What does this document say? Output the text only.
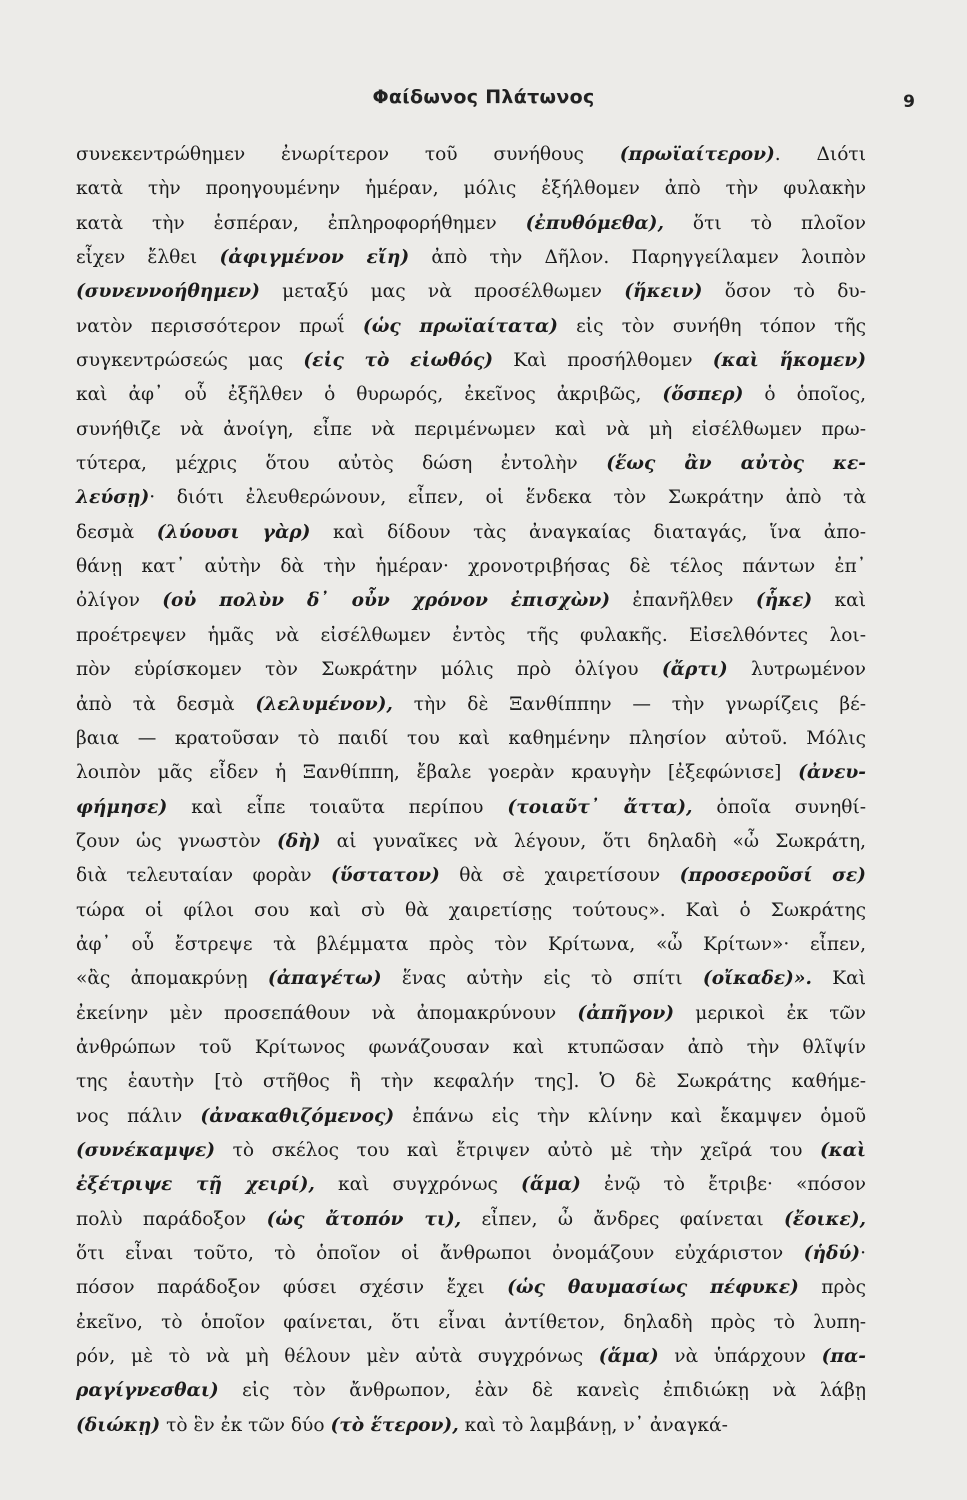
Φαίδωνος Πλάτωνος	9
συνεκεντρώθημεν ἐνωρίτερον τοῦ συνήθους (πρωϊαίτερον). Διότι
κατὰ τὴν προηγουμένην ἡμέραν, μόλις ἐξήλθομεν ἀπὸ τὴν φυλακὴν
κατὰ τὴν ἑσπέραν, ἐπληροφορήθημεν (ἐπυθόμεθα), ὅτι τὸ πλοῖον
εἶχεν ἔλθει (ἀφιγμένον εἴη) ἀπὸ τὴν Δῆλον. Παρηγγείλαμεν λοιπὸν
(συνεννοήθημεν) μεταξύ μας νὰ προσέλθωμεν (ἥκειν) ὅσον τὸ δυ-
νατὸν περισσότερον πρωΐ (ὡς πρωϊαίτατα) εἰς τὸν συνήθη τόπον τῆς
συγκεντρώσεώς μας (εἰς τὸ εἰωθός) Καὶ προσήλθομεν (καὶ ἥκομεν)
καὶ ἀφ᾽ οὗ ἐξῆλθεν ὁ θυρωρός, ἐκεῖνος ἀκριβῶς, (ὅσπερ) ὁ ὁποῖος,
συνήθιζε νὰ ἀνοίγη, εἶπε νὰ περιμένωμεν καὶ νὰ μὴ εἰσέλθωμεν πρω-
τύτερα, μέχρις ὅτου αὐτὸς δώση ἐντολὴν (ἕως ἂν αὐτὸς κε-
λεύσῃ)· διότι ἐλευθερώνουν, εἶπεν, οἱ ἕνδεκα τὸν Σωκράτην ἀπὸ τὰ
δεσμὰ (λύουσι γὰρ) καὶ δίδουν τὰς ἀναγκαίας διαταγάς, ἵνα ἀπο-
θάνῃ κατ᾽ αὐτὴν δὰ τὴν ἡμέραν· χρονοτριβήσας δὲ τέλος πάντων ἐπ᾽
ὀλίγον (οὐ πολὺν δ᾽ οὖν χρόνον ἐπισχὼν) ἐπανῆλθεν (ἧκε) καὶ
προέτρεψεν ἡμᾶς νὰ εἰσέλθωμεν ἐντὸς τῆς φυλακῆς. Εἰσελθόντες λοι-
πὸν εὑρίσκομεν τὸν Σωκράτην μόλις πρὸ ὀλίγου (ἄρτι) λυτρωμένον
ἀπὸ τὰ δεσμὰ (λελυμένον), τὴν δὲ Ξανθίππην — τὴν γνωρίζεις βέ-
βαια — κρατοῦσαν τὸ παιδί του καὶ καθημένην πλησίον αὐτοῦ. Μόλις
λοιπὸν μᾶς εἶδεν ἡ Ξανθίππη, ἔβαλε γοερὰν κραυγὴν [ἐξεφώνισε] (ἀνευ-
φήμησε) καὶ εἶπε τοιαῦτα περίπου (τοιαῦτ᾽ ἄττα), ὁποῖα συνηθί-
ζουν ὡς γνωστὸν (δὴ) αἱ γυναῖκες νὰ λέγουν, ὅτι δηλαδὴ «ὦ Σωκράτη,
διὰ τελευταίαν φορὰν (ὕστατον) θὰ σὲ χαιρετίσουν (προσεροῦσί σε)
τώρα οἱ φίλοι σου καὶ σὺ θὰ χαιρετίσῃς τούτους». Καὶ ὁ Σωκράτης
ἀφ᾽ οὗ ἔστρεψε τὰ βλέμματα πρὸς τὸν Κρίτωνα, «ὦ Κρίτων»· εἶπεν,
«ἂς ἀπομακρύνῃ (ἀπαγέτω) ἕνας αὐτὴν εἰς τὸ σπίτι (οἴκαδε)». Καὶ
ἐκείνην μὲν προσεπάθουν νὰ ἀπομακρύνουν (ἀπῆγον) μερικοὶ ἐκ τῶν
ἀνθρώπων τοῦ Κρίτωνος φωνάζουσαν καὶ κτυπῶσαν ἀπὸ τὴν θλῖψίν
της ἑαυτὴν [τὸ στῆθος ἢ τὴν κεφαλήν της]. Ὁ δὲ Σωκράτης καθήμε-
νος πάλιν (ἀνακαθιζόμενος) ἐπάνω εἰς τὴν κλίνην καὶ ἔκαμψεν ὁμοῦ
(συνέκαμψε) τὸ σκέλος του καὶ ἔτριψεν αὐτὸ μὲ τὴν χεῖρά του (καὶ
ἐξέτριψε τῇ χειρί), καὶ συγχρόνως (ἅμα) ἐνῷ τὸ ἔτριβε· «πόσον
πολὺ παράδοξον (ὡς ἄτοπόν τι), εἶπεν, ὦ ἄνδρες φαίνεται (ἔοικε),
ὅτι εἶναι τοῦτο, τὸ ὁποῖον οἱ ἄνθρωποι ὀνομάζουν εὐχάριστον (ἡδύ)·
πόσον παράδοξον φύσει σχέσιν ἔχει (ὡς θαυμασίως πέφυκε) πρὸς
ἐκεῖνο, τὸ ὁποῖον φαίνεται, ὅτι εἶναι ἀντίθετον, δηλαδὴ πρὸς τὸ λυπη-
ρόν, μὲ τὸ νὰ μὴ θέλουν μὲν αὐτὰ συγχρόνως (ἅμα) νὰ ὑπάρχουν (πα-
ραγίγνεσθαι) εἰς τὸν ἄνθρωπον, ἐὰν δὲ κανεὶς ἐπιδιώκῃ νὰ λάβῃ
(διώκῃ) τὸ ἓν ἐκ τῶν δύο (τὸ ἕτερον), καὶ τὸ λαμβάνῃ, ν᾽ ἀναγκά-
